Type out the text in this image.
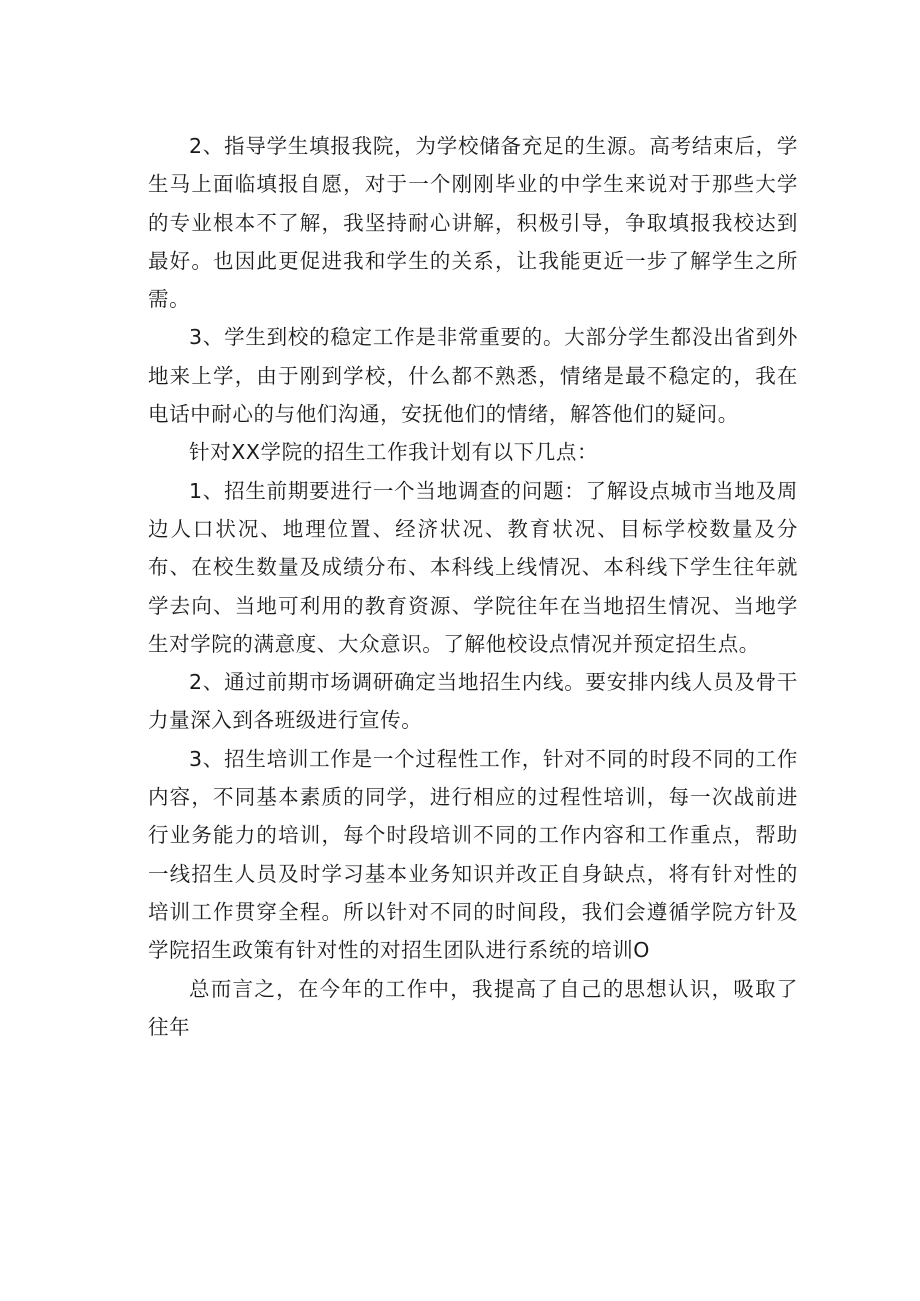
2、指导学生填报我院，为学校储备充足的生源。高考结束后，学生马上面临填报自愿，对于一个刚刚毕业的中学生来说对于那些大学的专业根本不了解，我坚持耐心讲解，积极引导，争取填报我校达到最好。也因此更促进我和学生的关系，让我能更近一步了解学生之所需。

3、学生到校的稳定工作是非常重要的。大部分学生都没出省到外地来上学，由于刚到学校，什么都不熟悉，情绪是最不稳定的，我在电话中耐心的与他们沟通，安抚他们的情绪，解答他们的疑问。

针对XX学院的招生工作我计划有以下几点：

1、招生前期要进行一个当地调查的问题：了解设点城市当地及周边人口状况、地理位置、经济状况、教育状况、目标学校数量及分布、在校生数量及成绩分布、本科线上线情况、本科线下学生往年就学去向、当地可利用的教育资源、学院往年在当地招生情况、当地学生对学院的满意度、大众意识。了解他校设点情况并预定招生点。

2、通过前期市场调研确定当地招生内线。要安排内线人员及骨干力量深入到各班级进行宣传。

3、招生培训工作是一个过程性工作，针对不同的时段不同的工作内容，不同基本素质的同学，进行相应的过程性培训，每一次战前进行业务能力的培训，每个时段培训不同的工作内容和工作重点，帮助一线招生人员及时学习基本业务知识并改正自身缺点，将有针对性的培训工作贯穿全程。所以针对不同的时间段，我们会遵循学院方针及学院招生政策有针对性的对招生团队进行系统的培训O

总而言之，在今年的工作中，我提高了自己的思想认识，吸取了往年
